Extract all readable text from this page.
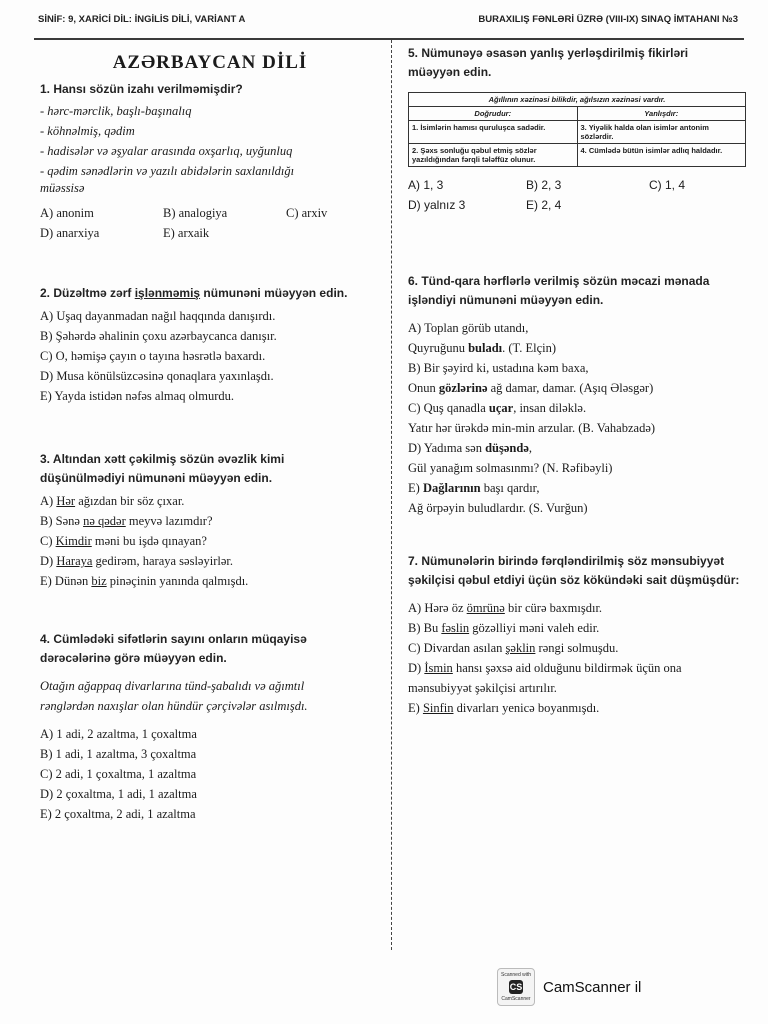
SİNİF: 9, XARİCİ DİL: İNGİLİS DİLİ, VARİANT A	BURAXILIŞ FƏNLƏRİ ÜZRƏ (VIII-IX) SINAQ İMTAHANI №3
AZƏRBAYCAN DİLİ
1. Hansı sözün izahı verilməmişdir?
- hərc-mərclik, başlı-başınalıq
- köhnəlmiş, qədim
- hadisələr və əşyalar arasında oxşarlıq, uyğunluq
- qədim sənədlərin və yazılı abidələrin saxlanıldığı
müəssisə
A) anonim	B) analogiya	C) arxiv
D) anarxiya	E) arxaik
2. Düzəltmə zərf işlənməmiş nümunəni müəyyən edin.
A) Uşaq dayanmadan nağıl haqqında danışırdı.
B) Şəhərdə əhalinin çoxu azərbaycanca danışır.
C) O, həmişə çayın o tayına həsrətlə baxardı.
D) Musa könülsüzcəsinə qonaqlara yaxınlaşdı.
E) Yayda istidən nəfəs almaq olmurdu.
3. Altından xətt çəkilmiş sözün əvəzlik kimi
düşünülmədiyi nümunəni müəyyən edin.
A) Hər ağızdan bir söz çıxar.
B) Sənə nə qədər meyvə lazımdır?
C) Kimdir məni bu işdə qınayan?
D) Haraya gedirəm, haraya səsləyirlər.
E) Dünən biz pinəçinin yanında qalmışdı.
4. Cümlədəki sifətlərin sayını onların müqayisə
dərəcələrinə görə müəyyən edin.
Otağın ağappaq divarlarına tünd-şabalıdı və ağımtıl
rənglərdən naxışlar olan hündür çərçivələr asılmışdı.
A) 1 adi, 2 azaltma, 1 çoxaltma
B) 1 adi, 1 azaltma, 3 çoxaltma
C) 2 adi, 1 çoxaltma, 1 azaltma
D) 2 çoxaltma, 1 adi, 1 azaltma
E) 2 çoxaltma, 2 adi, 1 azaltma
5. Nümunəyə əsasən yanlış yerləşdirilmiş fikirləri
müəyyən edin.
Ağıllının xəzinəsi bilikdir, ağılsızın xəzinəsi vardır.	
Doğrudur:	Yanlışdır:
1. İsimlərin hamısı quruluşca sadədir.	3. Yiyəlik halda olan isimlər antonim sözlərdir.
2. Şəxs sonluğu qəbul etmiş sözlər yazıldığından fərqli tələffüz olunur.	4. Cümlədə bütün isimlər adlıq haldadır.
A) 1, 3	B) 2, 3	C) 1, 4
D) yalnız 3	E) 2, 4
6. Tünd-qara hərflərlə verilmiş sözün məcazi mənada
işləndiyi nümunəni müəyyən edin.
A) Toplan görüb utandı,
Quyruğunu buladı. (T. Elçin)
B) Bir şəyird ki, ustadına kəm baxa,
Onun gözlərinə ağ damar, damar. (Aşıq Ələsgər)
C) Quş qanadla uçar, insan diləklə.
Yatır hər ürəkdə min-min arzular. (B. Vahabzadə)
D) Yadıma sən düşəndə,
Gül yanağım solmasınmı? (N. Rəfibəyli)
E) Dağlarının başı qardır,
Ağ örpəyin buludlardır. (S. Vurğun)
7. Nümunələrin birində fərqləndirilmiş söz mənsubiyyət
şəkilçisi qəbul etdiyi üçün söz kökündəki sait düşmüşdür:
A) Hərə öz ömrünə bir cürə baxmışdır.
B) Bu fəslin gözəlliyi məni valeh edir.
C) Divardan asılan şəklin rəngi solmuşdu.
D) İsmin hansı şəxsə aid olduğunu bildirmək üçün ona
mənsubiyyət şəkilçisi artırılır.
E) Sinfin divarları yenicə boyanmışdı.
Scanned with
CS
CamScanner
CamScanner il
